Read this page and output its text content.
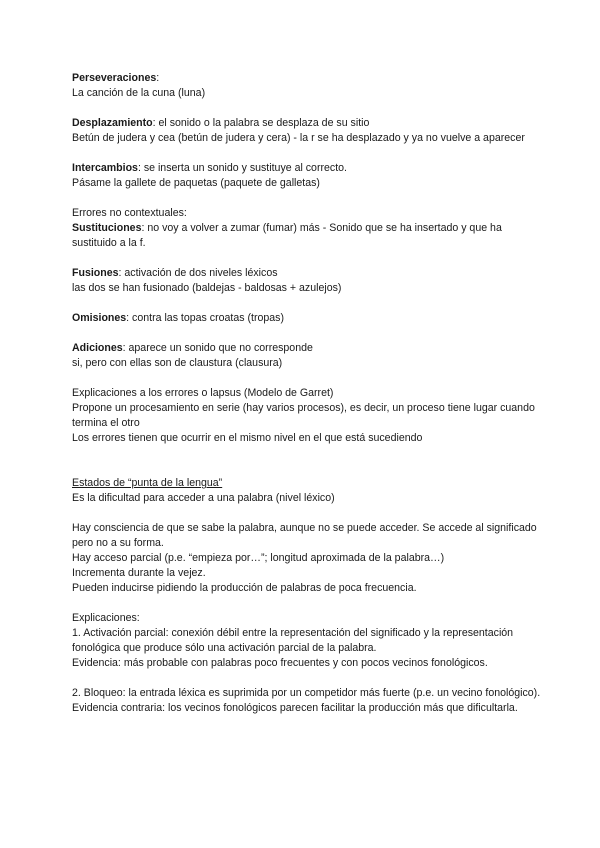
Perseveraciones:

La canción de la cuna (luna)

Desplazamiento: el sonido o la palabra se desplaza de su sitio

Betún de judera y cea (betún de judera y cera) - la r se ha desplazado y ya no vuelve a aparecer

Intercambios: se inserta un sonido y sustituye al correcto.

Pásame la gallete de paquetas (paquete de galletas)

Errores no contextuales:

Sustituciones: no voy a volver a zumar (fumar) más - Sonido que se ha insertado y que ha sustituido a la f.

Fusiones: activación de dos niveles léxicos

las dos se han fusionado (baldejas - baldosas + azulejos)

Omisiones: contra las topas croatas (tropas)

Adiciones: aparece un sonido que no corresponde

si, pero con ellas son de claustura (clausura)

Explicaciones a los errores o lapsus (Modelo de Garret)

Propone un procesamiento en serie (hay varios procesos), es decir, un proceso tiene lugar cuando termina el otro

Los errores tienen que ocurrir en el mismo nivel en el que está sucediendo

Estados de “punta de la lengua”

Es la dificultad para acceder a una palabra (nivel léxico)

Hay consciencia de que se sabe la palabra, aunque no se puede acceder. Se accede al significado pero no a su forma.

Hay acceso parcial (p.e. “empieza por…”; longitud aproximada de la palabra…)

Incrementa durante la vejez.

Pueden inducirse pidiendo la producción de palabras de poca frecuencia.

Explicaciones:

1. Activación parcial: conexión débil entre la representación del significado y la representación fonológica que produce sólo una activación parcial de la palabra.

Evidencia: más probable con palabras poco frecuentes y con pocos vecinos fonológicos.

2. Bloqueo: la entrada léxica es suprimida por un competidor más fuerte (p.e. un vecino fonológico).

Evidencia contraria: los vecinos fonológicos parecen facilitar la producción más que dificultarla.
